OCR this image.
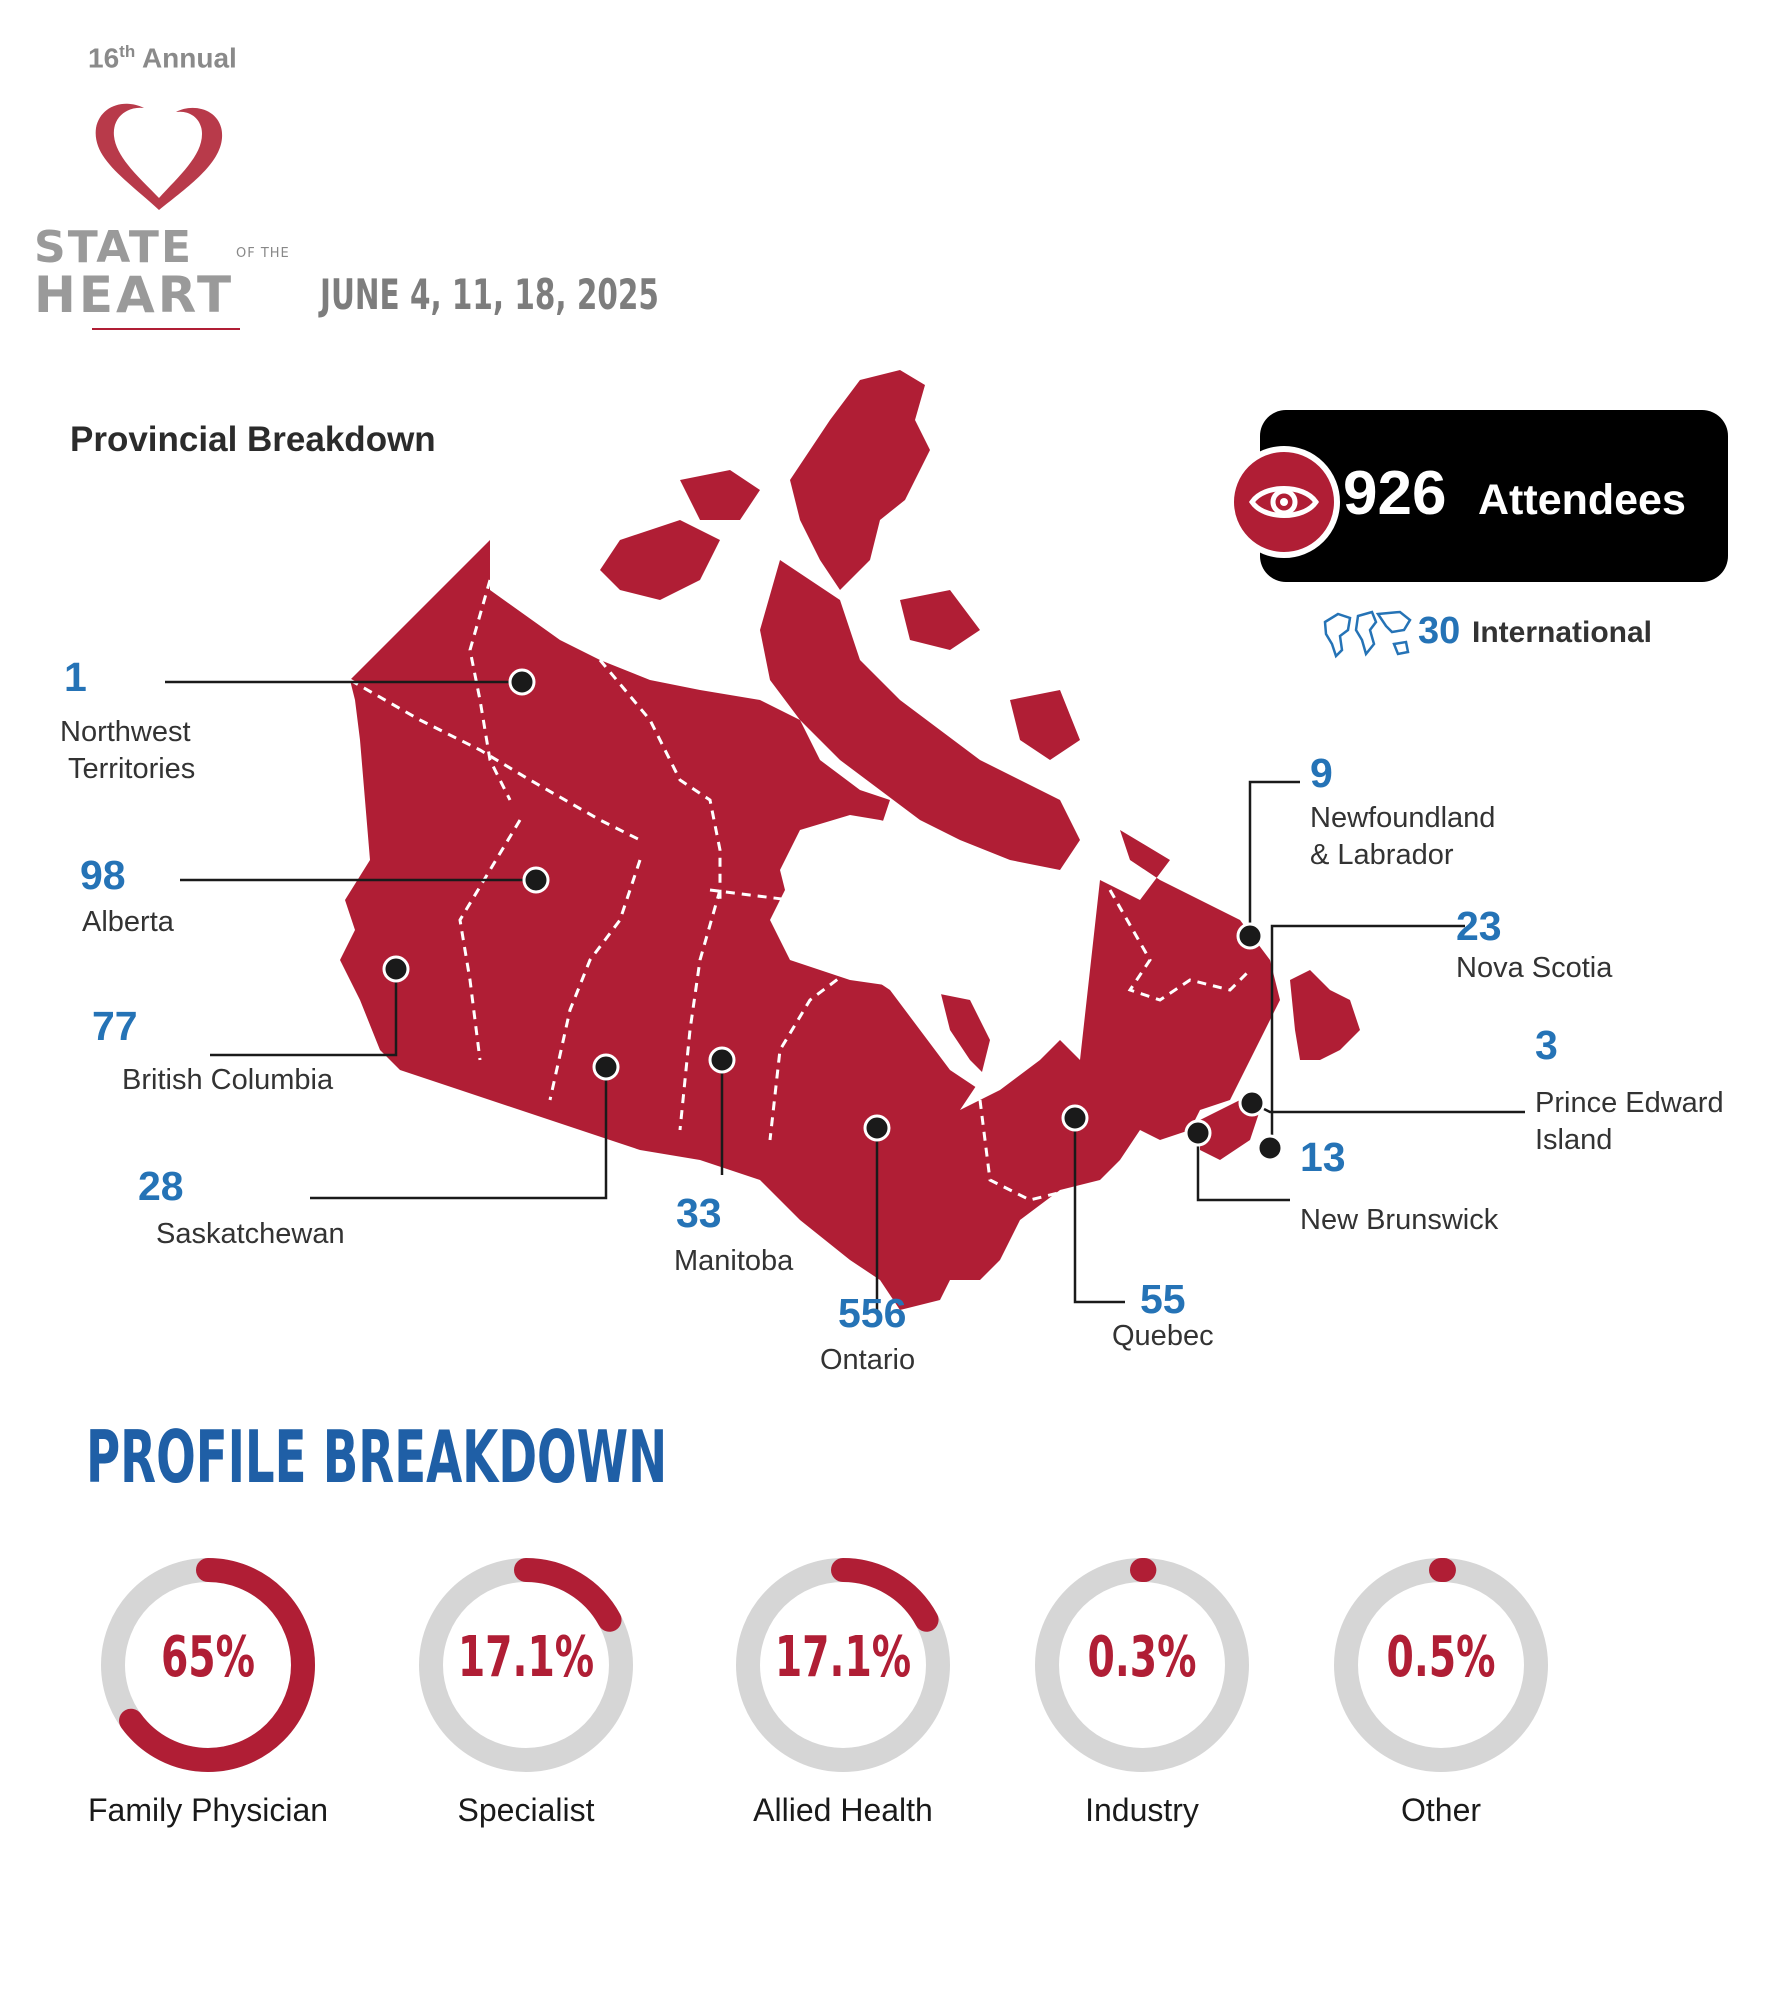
16th Annual
STATE	OF THE
HEART JUNE 4, 11, 18, 2025
Provincial Breakdown
926 Attendees
30 International
1
Northwest
Territories
98
Alberta
77
British Columbia
28
Saskatchewan	33
Manitoba
556
Ontario
55
Quebec
13
New Brunswick
3
Prince Edward
Island
23
Nova Scotia
9
Newfoundland
& Labrador
PROFILE BREAKDOWN
65%
Family Physician
17.1%
Specialist
17.1%
Allied Health
0.3%
Industry
0.5%
Other
